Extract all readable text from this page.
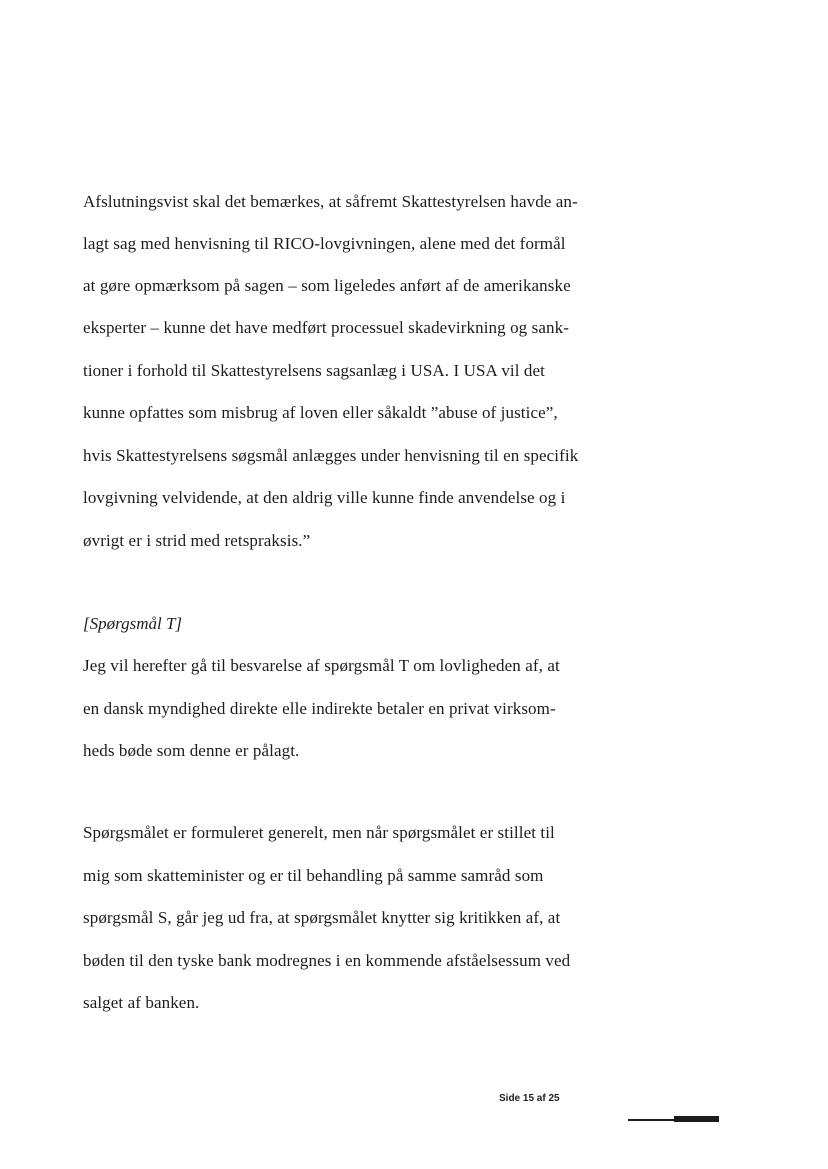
Afslutningsvist skal det bemærkes, at såfremt Skattestyrelsen havde an-
lagt sag med henvisning til RICO-lovgivningen, alene med det formål
at gøre opmærksom på sagen – som ligeledes anført af de amerikanske
eksperter – kunne det have medført processuel skadevirkning og sank-
tioner i forhold til Skattestyrelsens sagsanlæg i USA. I USA vil det
kunne opfattes som misbrug af loven eller såkaldt ”abuse of justice”,
hvis Skattestyrelsens søgsmål anlægges under henvisning til en specifik
lovgivning velvidende, at den aldrig ville kunne finde anvendelse og i
øvrigt er i strid med retspraksis.”
[Spørgsmål T]
Jeg vil herefter gå til besvarelse af spørgsmål T om lovligheden af, at
en dansk myndighed direkte elle indirekte betaler en privat virksom-
heds bøde som denne er pålagt.
Spørgsmålet er formuleret generelt, men når spørgsmålet er stillet til
mig som skatteminister og er til behandling på samme samråd som
spørgsmål S, går jeg ud fra, at spørgsmålet knytter sig kritikken af, at
bøden til den tyske bank modregnes i en kommende afståelsessum ved
salget af banken.
Side 15 af 25
